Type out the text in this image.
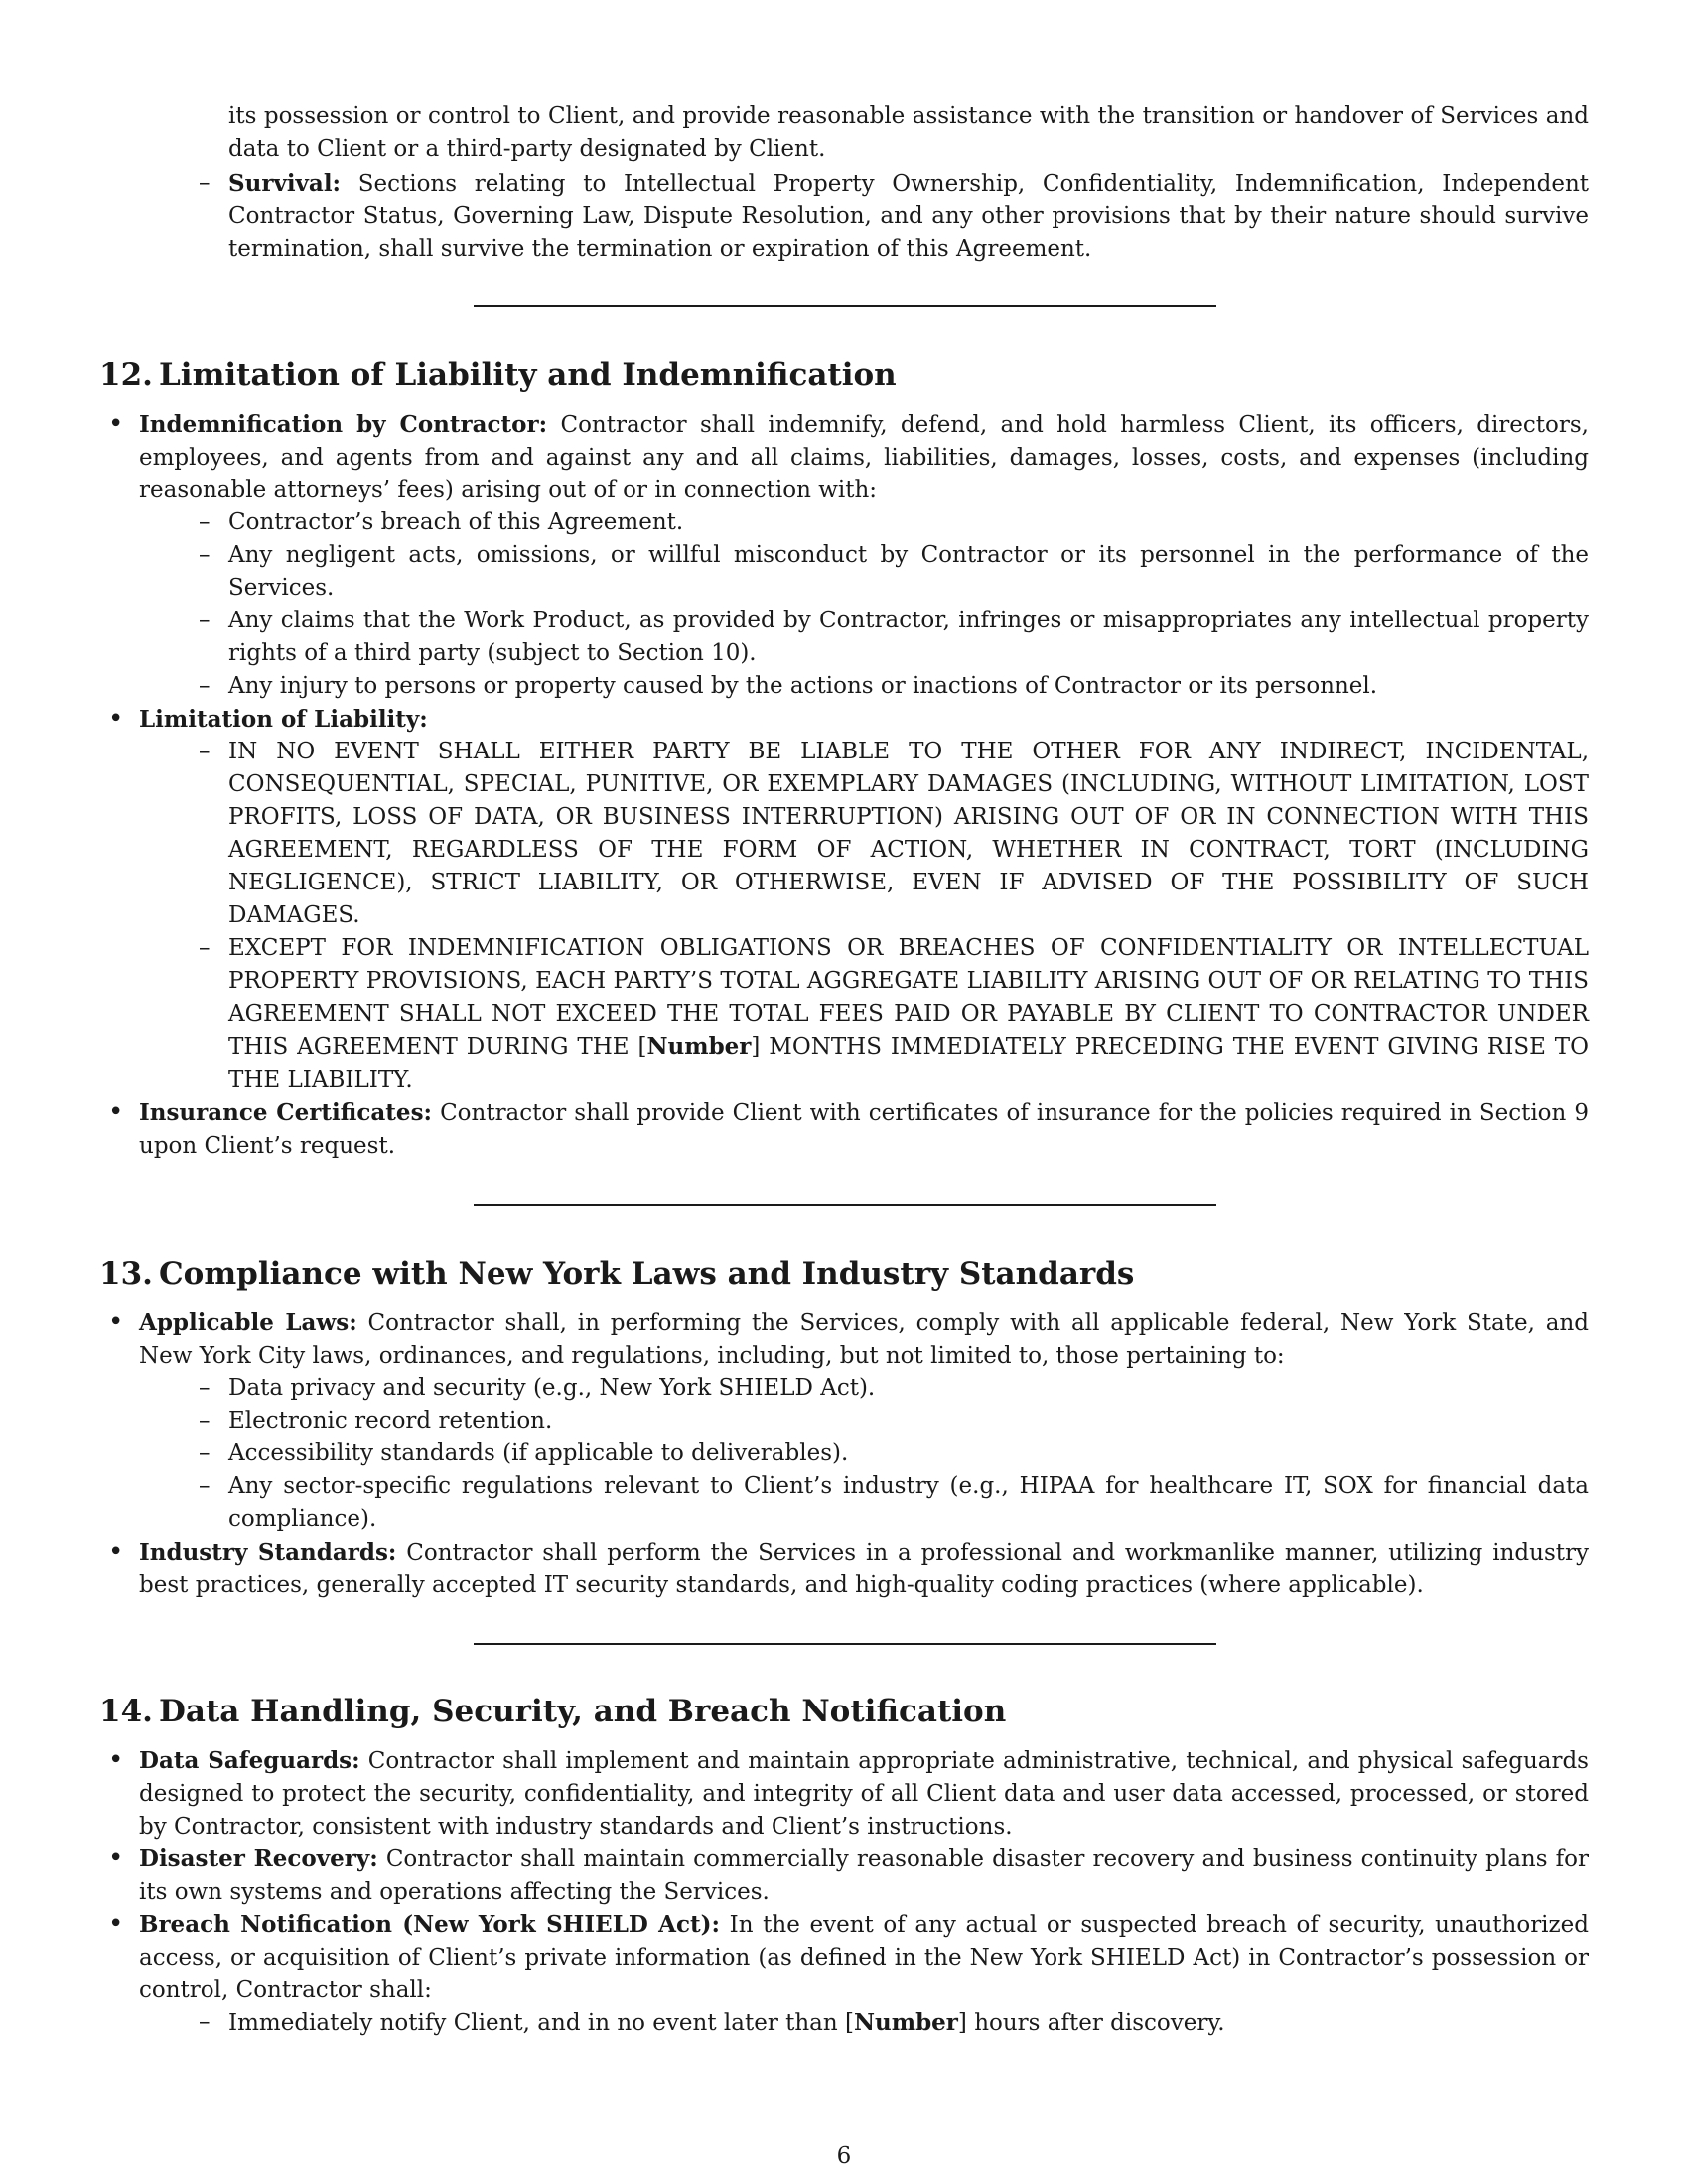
its possession or control to Client, and provide reasonable assistance with the transition or handover of Services and data to Client or a third-party designated by Client.
– Survival: Sections relating to Intellectual Property Ownership, Confidentiality, Indemnification, Independent Contractor Status, Governing Law, Dispute Resolution, and any other provisions that by their nature should survive termination, shall survive the termination or expiration of this Agreement.
12. Limitation of Liability and Indemnification
• Indemnification by Contractor: Contractor shall indemnify, defend, and hold harmless Client, its officers, directors, employees, and agents from and against any and all claims, liabilities, damages, losses, costs, and expenses (including reasonable attorneys’ fees) arising out of or in connection with:
– Contractor’s breach of this Agreement.
– Any negligent acts, omissions, or willful misconduct by Contractor or its personnel in the performance of the Services.
– Any claims that the Work Product, as provided by Contractor, infringes or misappropriates any intellectual property rights of a third party (subject to Section 10).
– Any injury to persons or property caused by the actions or inactions of Contractor or its personnel.
• Limitation of Liability:
– IN NO EVENT SHALL EITHER PARTY BE LIABLE TO THE OTHER FOR ANY INDIRECT, INCIDENTAL, CONSEQUENTIAL, SPECIAL, PUNITIVE, OR EXEMPLARY DAMAGES (INCLUDING, WITHOUT LIMITATION, LOST PROFITS, LOSS OF DATA, OR BUSINESS INTERRUPTION) ARISING OUT OF OR IN CONNECTION WITH THIS AGREEMENT, REGARDLESS OF THE FORM OF ACTION, WHETHER IN CONTRACT, TORT (INCLUDING NEGLIGENCE), STRICT LIABILITY, OR OTHERWISE, EVEN IF ADVISED OF THE POSSIBILITY OF SUCH DAMAGES.
– EXCEPT FOR INDEMNIFICATION OBLIGATIONS OR BREACHES OF CONFIDENTIALITY OR INTELLECTUAL PROPERTY PROVISIONS, EACH PARTY’S TOTAL AGGREGATE LIABILITY ARISING OUT OF OR RELATING TO THIS AGREEMENT SHALL NOT EXCEED THE TOTAL FEES PAID OR PAYABLE BY CLIENT TO CONTRACTOR UNDER THIS AGREEMENT DURING THE [Number] MONTHS IMMEDIATELY PRECEDING THE EVENT GIVING RISE TO THE LIABILITY.
• Insurance Certificates: Contractor shall provide Client with certificates of insurance for the policies required in Section 9 upon Client’s request.
13. Compliance with New York Laws and Industry Standards
• Applicable Laws: Contractor shall, in performing the Services, comply with all applicable federal, New York State, and New York City laws, ordinances, and regulations, including, but not limited to, those pertaining to:
– Data privacy and security (e.g., New York SHIELD Act).
– Electronic record retention.
– Accessibility standards (if applicable to deliverables).
– Any sector-specific regulations relevant to Client’s industry (e.g., HIPAA for healthcare IT, SOX for financial data compliance).
• Industry Standards: Contractor shall perform the Services in a professional and workmanlike manner, utilizing industry best practices, generally accepted IT security standards, and high-quality coding practices (where applicable).
14. Data Handling, Security, and Breach Notification
• Data Safeguards: Contractor shall implement and maintain appropriate administrative, technical, and physical safeguards designed to protect the security, confidentiality, and integrity of all Client data and user data accessed, processed, or stored by Contractor, consistent with industry standards and Client’s instructions.
• Disaster Recovery: Contractor shall maintain commercially reasonable disaster recovery and business continuity plans for its own systems and operations affecting the Services.
• Breach Notification (New York SHIELD Act): In the event of any actual or suspected breach of security, unauthorized access, or acquisition of Client’s private information (as defined in the New York SHIELD Act) in Contractor’s possession or control, Contractor shall:
– Immediately notify Client, and in no event later than [Number] hours after discovery.
6
